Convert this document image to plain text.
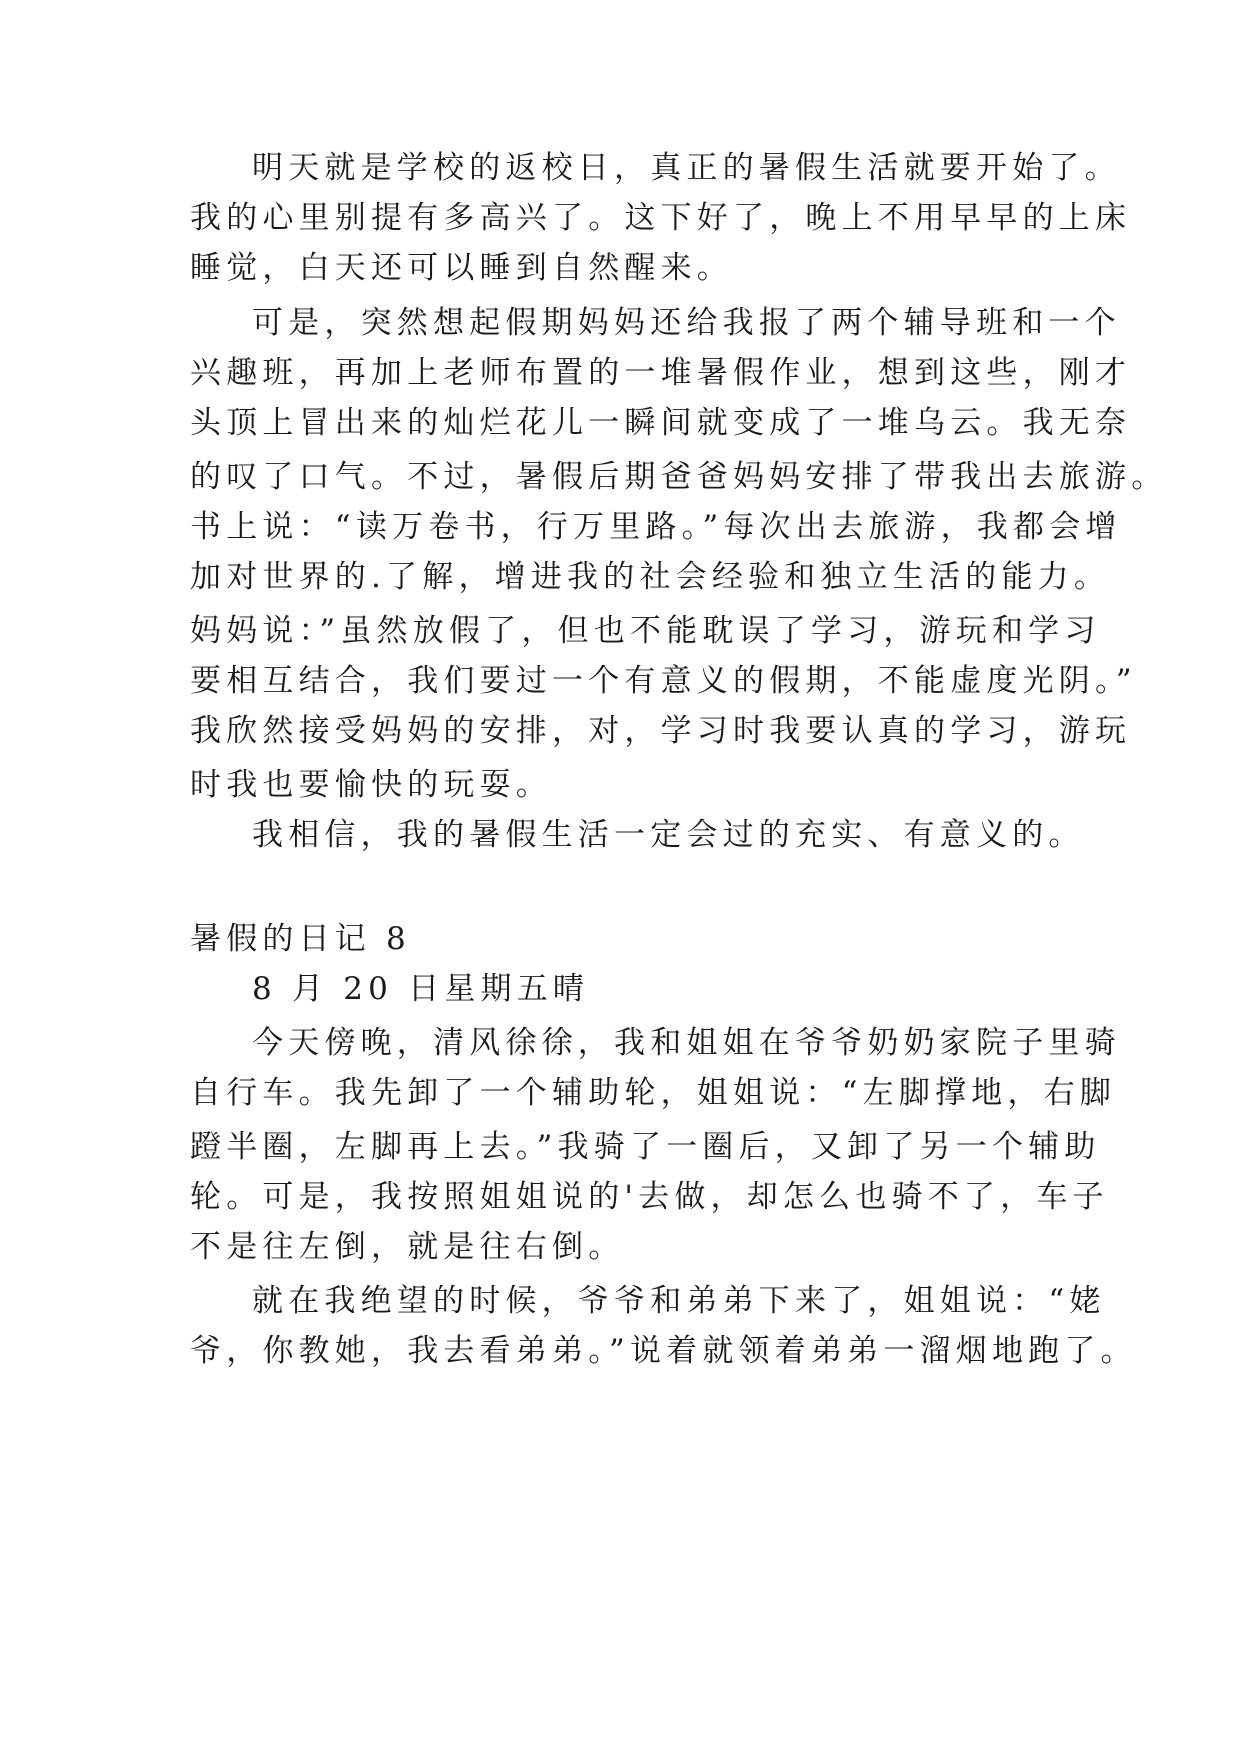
明天就是学校的返校日，真正的暑假生活就要开始了。
我的心里别提有多高兴了。这下好了，晚上不用早早的上床
睡觉，白天还可以睡到自然醒来。
可是，突然想起假期妈妈还给我报了两个辅导班和一个
兴趣班，再加上老师布置的一堆暑假作业，想到这些，刚才
头顶上冒出来的灿烂花儿一瞬间就变成了一堆乌云。我无奈
的叹了口气。不过，暑假后期爸爸妈妈安排了带我出去旅游。
书上说：“读万卷书，行万里路。”每次出去旅游，我都会增
加对世界的.了解，增进我的社会经验和独立生活的能力。
妈妈说：”虽然放假了，但也不能耽误了学习，游玩和学习
要相互结合，我们要过一个有意义的假期，不能虚度光阴。”
我欣然接受妈妈的安排，对，学习时我要认真的学习，游玩
时我也要愉快的玩耍。
我相信，我的暑假生活一定会过的充实、有意义的。
暑假的日记 8
8 月 20 日星期五晴
今天傍晚，清风徐徐，我和姐姐在爷爷奶奶家院子里骑
自行车。我先卸了一个辅助轮，姐姐说：“左脚撑地，右脚
蹬半圈，左脚再上去。”我骑了一圈后，又卸了另一个辅助
轮。可是，我按照姐姐说的'去做，却怎么也骑不了，车子
不是往左倒，就是往右倒。
就在我绝望的时候，爷爷和弟弟下来了，姐姐说：“姥
爷，你教她，我去看弟弟。”说着就领着弟弟一溜烟地跑了。
